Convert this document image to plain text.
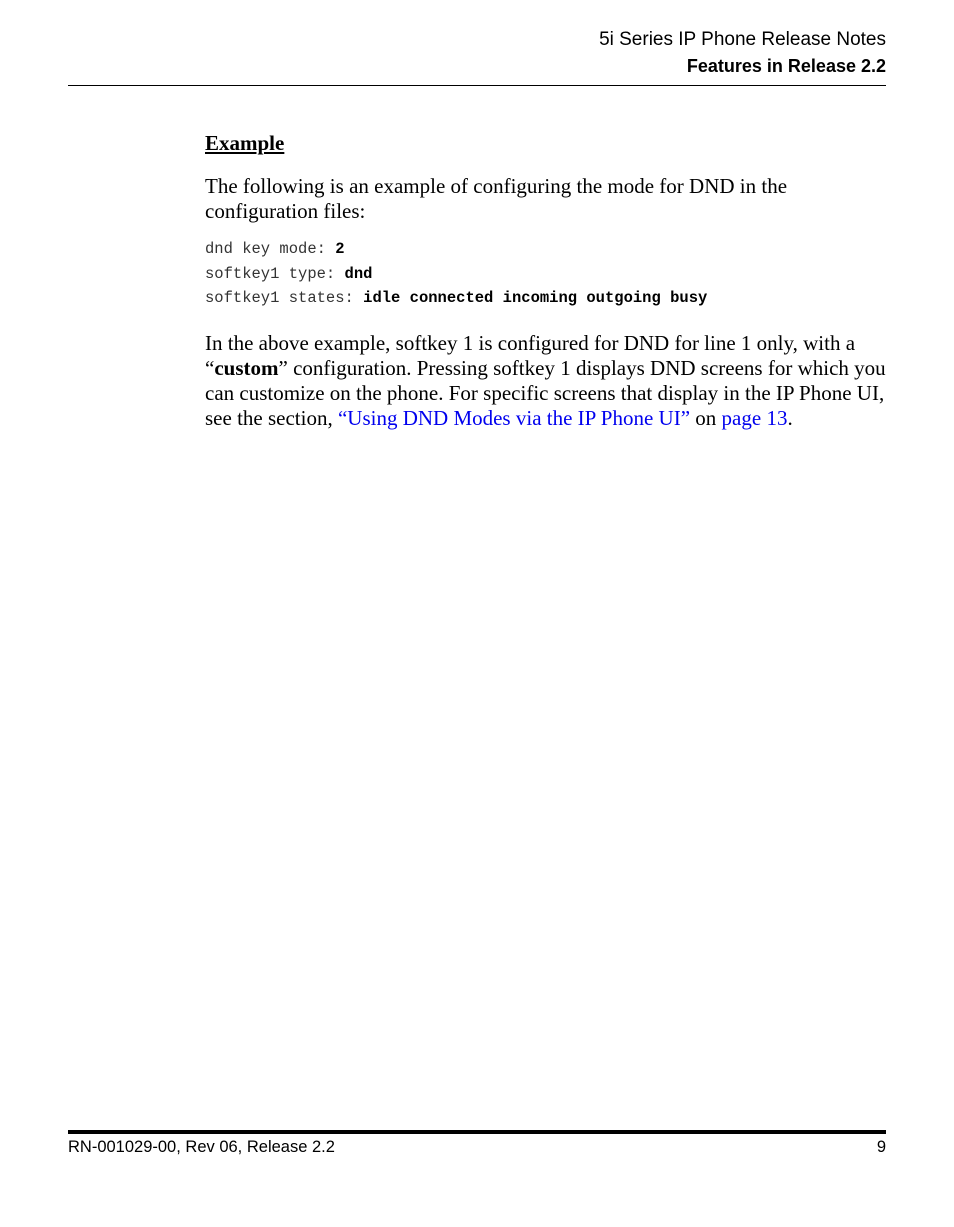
5i Series IP Phone Release Notes
Features in Release 2.2
Example

The following is an example of configuring the mode for DND in the configuration files:

dnd key mode: 2
softkey1 type: dnd
softkey1 states: idle connected incoming outgoing busy

In the above example, softkey 1 is configured for DND for line 1 only, with a “custom” configuration. Pressing softkey 1 displays DND screens for which you can customize on the phone. For specific screens that display in the IP Phone UI, see the section, “Using DND Modes via the IP Phone UI” on page 13.

RN-001029-00, Rev 06, Release 2.2	9
